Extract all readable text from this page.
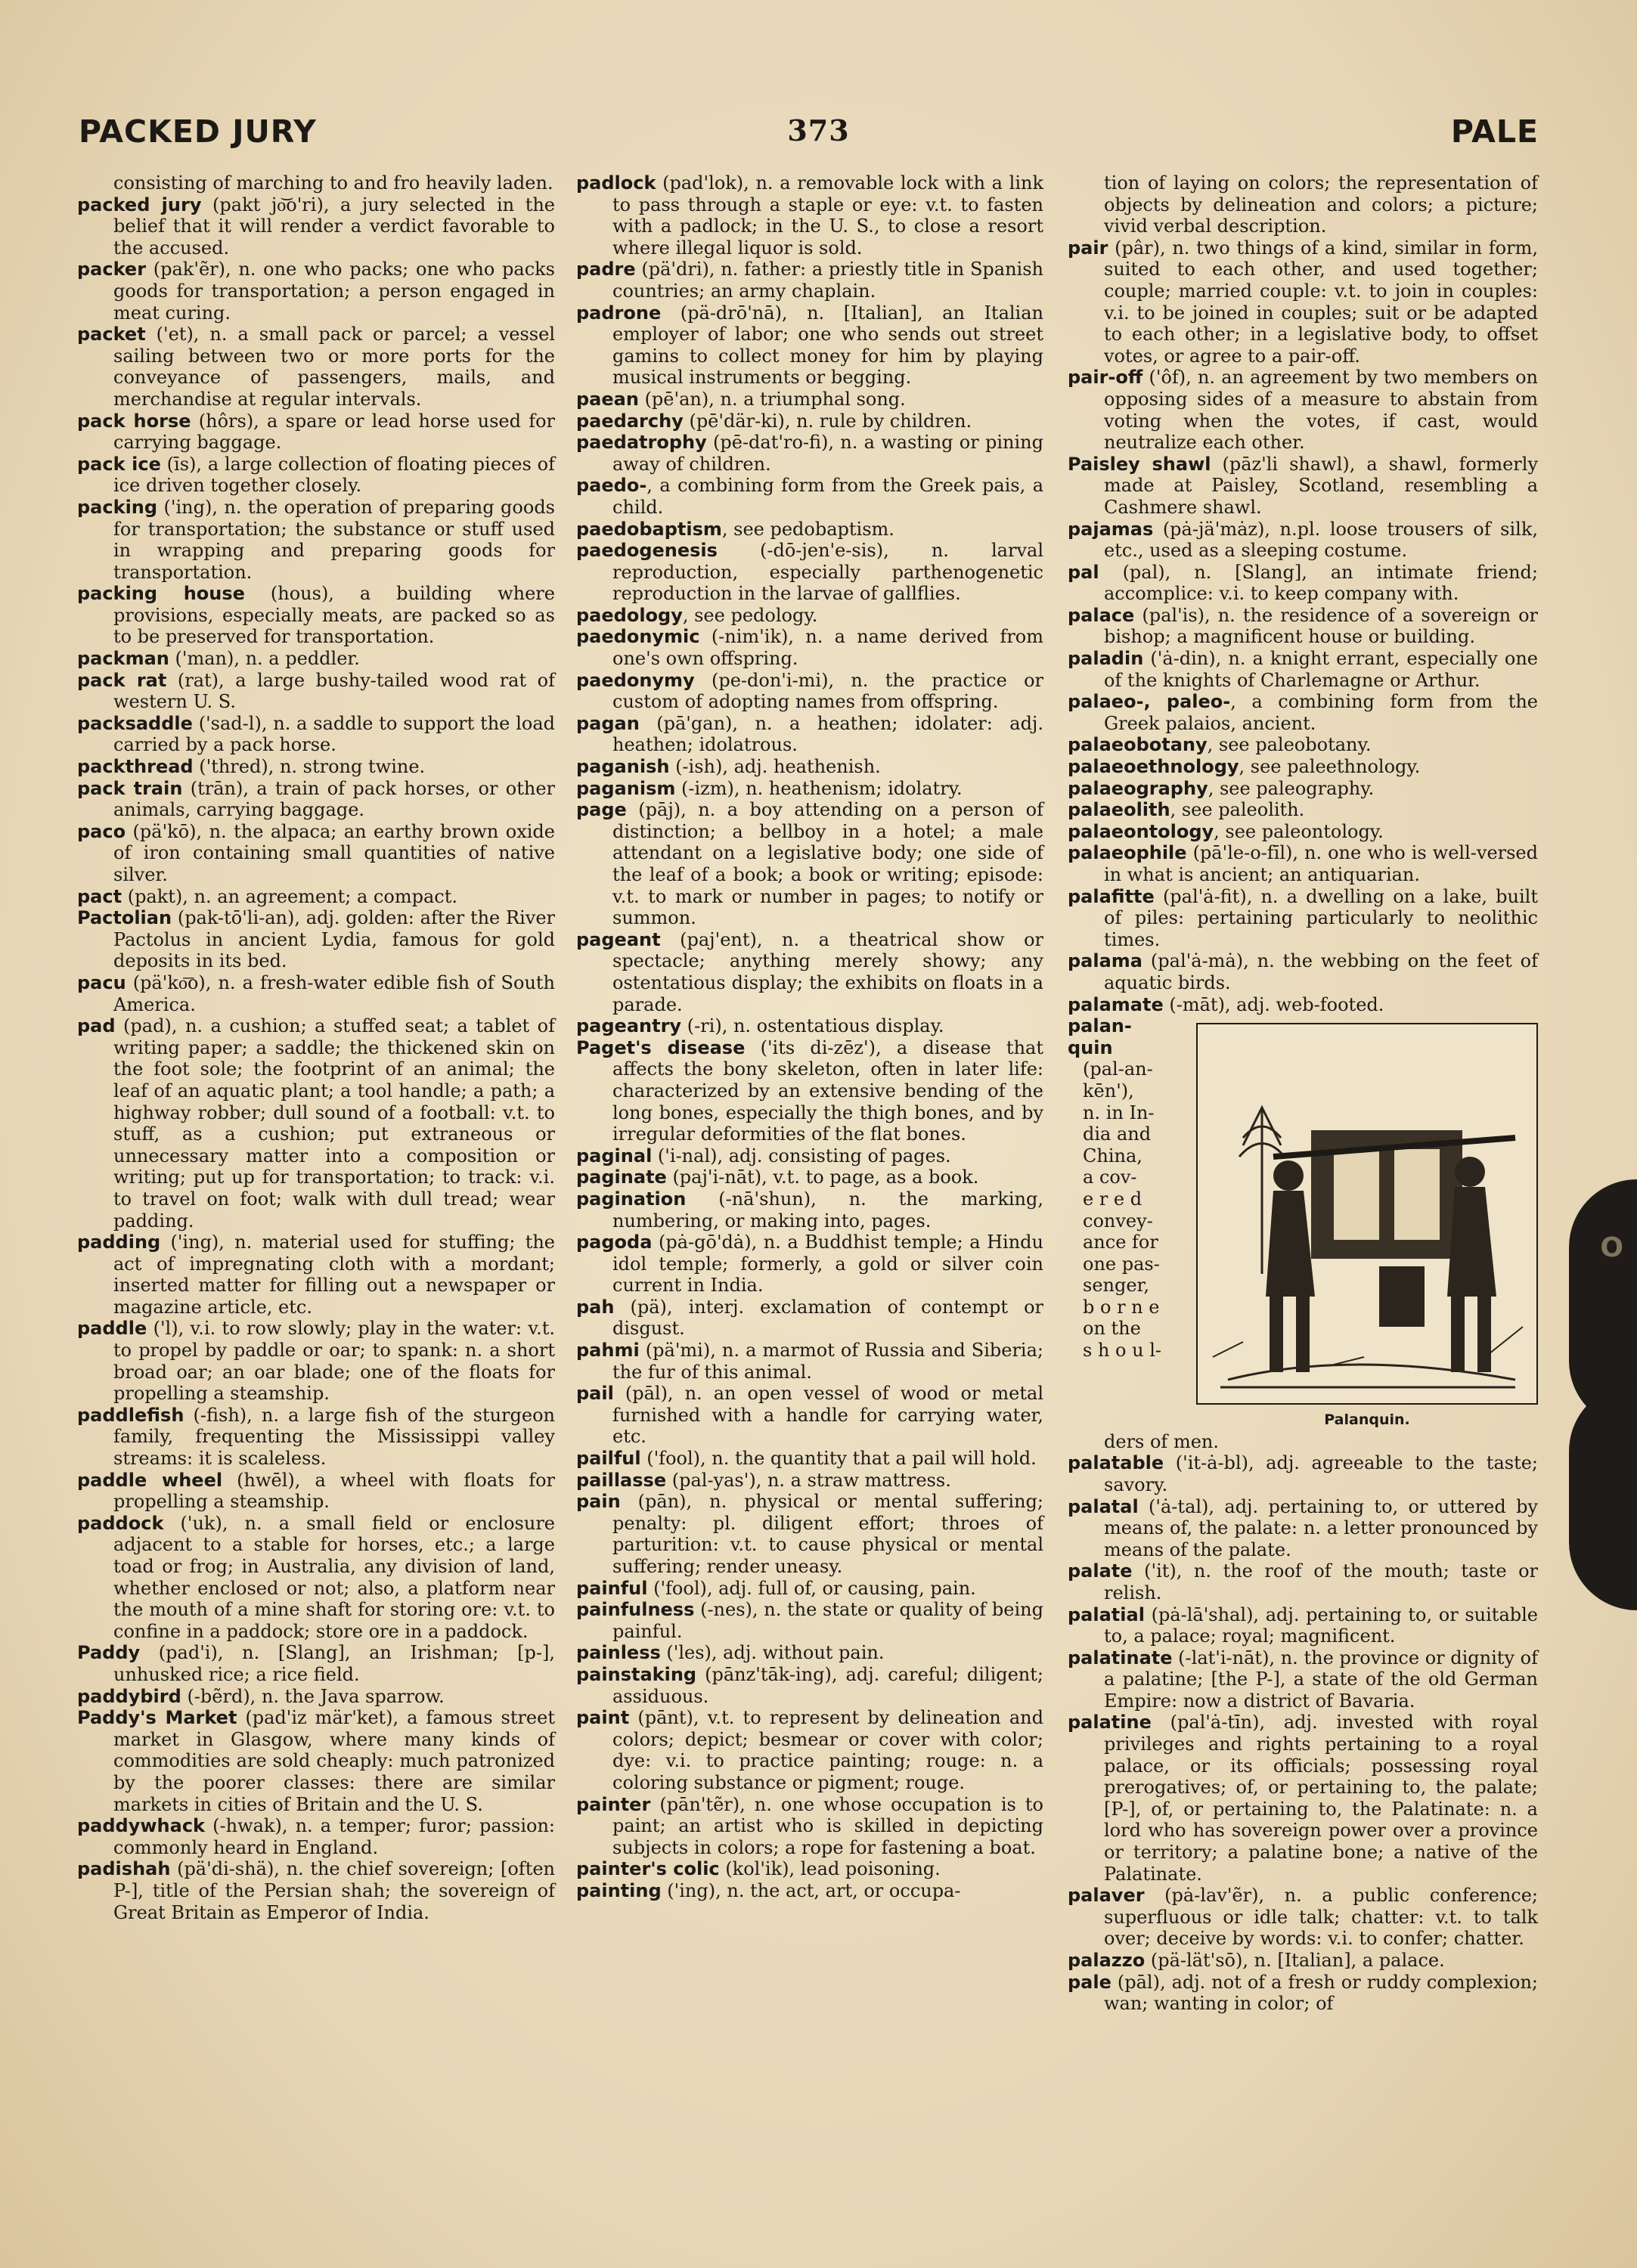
O
PACKED JURY	373	PALE

consisting of marching to and fro heavily laden.

packed jury (pakt jo͝o'ri), a jury selected in the belief that it will render a verdict favorable to the accused.

packer (pak'ẽr), n. one who packs; one who packs goods for transportation; a person engaged in meat curing.

packet ('et), n. a small pack or parcel; a vessel sailing between two or more ports for the conveyance of passengers, mails, and merchandise at regular intervals.

pack horse (hôrs), a spare or lead horse used for carrying baggage.

pack ice (īs), a large collection of floating pieces of ice driven together closely.

packing ('ing), n. the operation of preparing goods for transportation; the substance or stuff used in wrapping and preparing goods for transportation.

packing house (hous), a building where provisions, especially meats, are packed so as to be preserved for transportation.

packman ('man), n. a peddler.

pack rat (rat), a large bushy-tailed wood rat of western U. S.

packsaddle ('sad-l), n. a saddle to support the load carried by a pack horse.

packthread ('thred), n. strong twine.

pack train (trān), a train of pack horses, or other animals, carrying baggage.

paco (pä'kō), n. the alpaca; an earthy brown oxide of iron containing small quantities of native silver.

pact (pakt), n. an agreement; a compact.

Pactolian (pak-tō'li-an), adj. golden: after the River Pactolus in ancient Lydia, famous for gold deposits in its bed.

pacu (pä'ko͞o), n. a fresh-water edible fish of South America.

pad (pad), n. a cushion; a stuffed seat; a tablet of writing paper; a saddle; the thickened skin on the foot sole; the footprint of an animal; the leaf of an aquatic plant; a tool handle; a path; a highway robber; dull sound of a football: v.t. to stuff, as a cushion; put extraneous or unnecessary matter into a composition or writing; put up for transportation; to track: v.i. to travel on foot; walk with dull tread; wear padding.

padding ('ing), n. material used for stuffing; the act of impregnating cloth with a mordant; inserted matter for filling out a newspaper or magazine article, etc.

paddle ('l), v.i. to row slowly; play in the water: v.t. to propel by paddle or oar; to spank: n. a short broad oar; an oar blade; one of the floats for propelling a steamship.

paddlefish (-fish), n. a large fish of the sturgeon family, frequenting the Mississippi valley streams: it is scaleless.

paddle wheel (hwēl), a wheel with floats for propelling a steamship.

paddock ('uk), n. a small field or enclosure adjacent to a stable for horses, etc.; a large toad or frog; in Australia, any division of land, whether enclosed or not; also, a platform near the mouth of a mine shaft for storing ore: v.t. to confine in a paddock; store ore in a paddock.

Paddy (pad'i), n. [Slang], an Irishman; [p-], unhusked rice; a rice field.

paddybird (-bẽrd), n. the Java sparrow.

Paddy's Market (pad'iz mär'ket), a famous street market in Glasgow, where many kinds of commodities are sold cheaply: much patronized by the poorer classes: there are similar markets in cities of Britain and the U. S.

paddywhack (-hwak), n. a temper; furor; passion: commonly heard in England.

padishah (pä'di-shä), n. the chief sovereign; [often P-], title of the Persian shah; the sovereign of Great Britain as Emperor of India.

padlock (pad'lok), n. a removable lock with a link to pass through a staple or eye: v.t. to fasten with a padlock; in the U. S., to close a resort where illegal liquor is sold.

padre (pä'dri), n. father: a priestly title in Spanish countries; an army chaplain.

padrone (pä-drō'nā), n. [Italian], an Italian employer of labor; one who sends out street gamins to collect money for him by playing musical instruments or begging.

paean (pē'an), n. a triumphal song.

paedarchy (pē'där-ki), n. rule by children.

paedatrophy (pē-dat'ro-fi), n. a wasting or pining away of children.

paedo-, a combining form from the Greek pais, a child.

paedobaptism, see pedobaptism.

paedogenesis (-dō-jen'e-sis), n. larval reproduction, especially parthenogenetic reproduction in the larvae of gallflies.

paedology, see pedology.

paedonymic (-nim'ik), n. a name derived from one's own offspring.

paedonymy (pe-don'i-mi), n. the practice or custom of adopting names from offspring.

pagan (pā'gan), n. a heathen; idolater: adj. heathen; idolatrous.

paganish (-ish), adj. heathenish.

paganism (-izm), n. heathenism; idolatry.

page (pāj), n. a boy attending on a person of distinction; a bellboy in a hotel; a male attendant on a legislative body; one side of the leaf of a book; a book or writing; episode: v.t. to mark or number in pages; to notify or summon.

pageant (paj'ent), n. a theatrical show or spectacle; anything merely showy; any ostentatious display; the exhibits on floats in a parade.

pageantry (-ri), n. ostentatious display.

Paget's disease ('its di-zēz'), a disease that affects the bony skeleton, often in later life: characterized by an extensive bending of the long bones, especially the thigh bones, and by irregular deformities of the flat bones.

paginal ('i-nal), adj. consisting of pages.

paginate (paj'i-nāt), v.t. to page, as a book.

pagination (-nā'shun), n. the marking, numbering, or making into, pages.

pagoda (pȧ-gō'dȧ), n. a Buddhist temple; a Hindu idol temple; formerly, a gold or silver coin current in India.

pah (pä), interj. exclamation of contempt or disgust.

pahmi (pä'mi), n. a marmot of Russia and Siberia; the fur of this animal.

pail (pāl), n. an open vessel of wood or metal furnished with a handle for carrying water, etc.

pailful ('fool), n. the quantity that a pail will hold.

paillasse (pal-yas'), n. a straw mattress.

pain (pān), n. physical or mental suffering; penalty: pl. diligent effort; throes of parturition: v.t. to cause physical or mental suffering; render uneasy.

painful ('fool), adj. full of, or causing, pain.

painfulness (-nes), n. the state or quality of being painful.

painless ('les), adj. without pain.

painstaking (pānz'tāk-ing), adj. careful; diligent; assiduous.

paint (pānt), v.t. to represent by delineation and colors; depict; besmear or cover with color; dye: v.i. to practice painting; rouge: n. a coloring substance or pigment; rouge.

painter (pān'tẽr), n. one whose occupation is to paint; an artist who is skilled in depicting subjects in colors; a rope for fastening a boat.

painter's colic (kol'ik), lead poisoning.

painting ('ing), n. the act, art, or occupa-

tion of laying on colors; the representation of objects by delineation and colors; a picture; vivid verbal description.

pair (pâr), n. two things of a kind, similar in form, suited to each other, and used together; couple; married couple: v.t. to join in couples: v.i. to be joined in couples; suit or be adapted to each other; in a legislative body, to offset votes, or agree to a pair-off.

pair-off ('ôf), n. an agreement by two members on opposing sides of a measure to abstain from voting when the votes, if cast, would neutralize each other.

Paisley shawl (pāz'li shawl), a shawl, formerly made at Paisley, Scotland, resembling a Cashmere shawl.

pajamas (pȧ-jä'mȧz), n.pl. loose trousers of silk, etc., used as a sleeping costume.

pal (pal), n. [Slang], an intimate friend; accomplice: v.i. to keep company with.

palace (pal'is), n. the residence of a sovereign or bishop; a magnificent house or building.

paladin ('ȧ-din), n. a knight errant, especially one of the knights of Charlemagne or Arthur.

palaeo-, paleo-, a combining form from the Greek palaios, ancient.

palaeobotany, see paleobotany.

palaeoethnology, see paleethnology.

palaeography, see paleography.

palaeolith, see paleolith.

palaeontology, see paleontology.

palaeophile (pā'le-o-fīl), n. one who is well-versed in what is ancient; an antiquarian.

palafitte (pal'ȧ-fit), n. a dwelling on a lake, built of piles: pertaining particularly to neolithic times.

palama (pal'ȧ-mȧ), n. the webbing on the feet of aquatic birds.

palamate (-māt), adj. web-footed.

palan-
quin
(pal-an-
kēn'),
n. in In-
dia and
China,
a cov-
e r e d
convey-
ance for
one pas-
senger,
b o r n e
on the
s h o u l-
Palanquin.

ders of men.

palatable ('it-ȧ-bl), adj. agreeable to the taste; savory.

palatal ('ȧ-tal), adj. pertaining to, or uttered by means of, the palate: n. a letter pronounced by means of the palate.

palate ('it), n. the roof of the mouth; taste or relish.

palatial (pȧ-lā'shal), adj. pertaining to, or suitable to, a palace; royal; magnificent.

palatinate (-lat'i-nāt), n. the province or dignity of a palatine; [the P-], a state of the old German Empire: now a district of Bavaria.

palatine (pal'ȧ-tīn), adj. invested with royal privileges and rights pertaining to a royal palace, or its officials; possessing royal prerogatives; of, or pertaining to, the palate; [P-], of, or pertaining to, the Palatinate: n. a lord who has sovereign power over a province or territory; a palatine bone; a native of the Palatinate.

palaver (pȧ-lav'ẽr), n. a public conference; superfluous or idle talk; chatter: v.t. to talk over; deceive by words: v.i. to confer; chatter.

palazzo (pä-lät'sō), n. [Italian], a palace.

pale (pāl), adj. not of a fresh or ruddy complexion; wan; wanting in color; of
